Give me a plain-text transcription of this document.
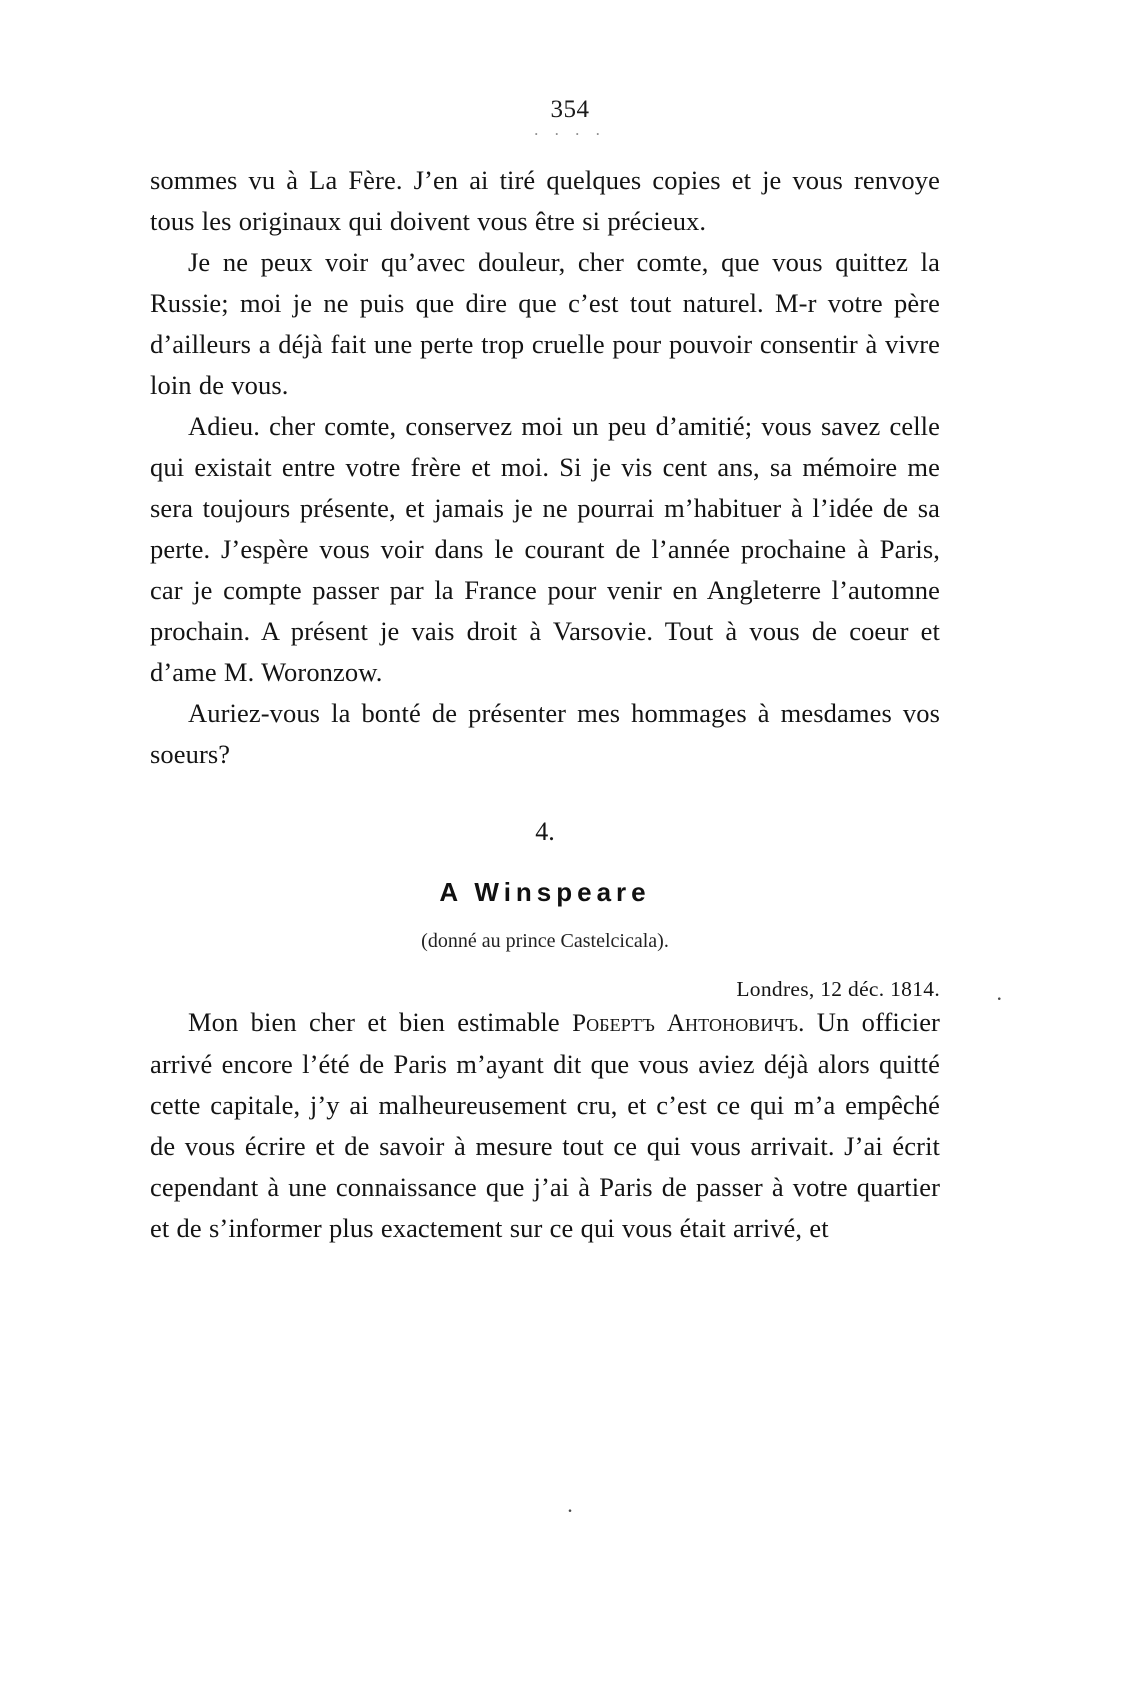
354
. . . .

sommes vu à La Fère. J’en ai tiré quelques copies et je vous renvoye tous les originaux qui doivent vous être si précieux.

Je ne peux voir qu’avec douleur, cher comte, que vous quittez la Russie; moi je ne puis que dire que c’est tout naturel. M-r votre père d’ailleurs a déjà fait une perte trop cruelle pour pouvoir consentir à vivre loin de vous.

Adieu. cher comte, conservez moi un peu d’amitié; vous savez celle qui existait entre votre frère et moi. Si je vis cent ans, sa mémoire me sera toujours présente, et jamais je ne pourrai m’habituer à l’idée de sa perte. J’espère vous voir dans le courant de l’année prochaine à Paris, car je compte passer par la France pour venir en Angleterre l’automne prochain. A présent je vais droit à Varsovie. Tout à vous de coeur et d’ame M. Woronzow.

Auriez-vous la bonté de présenter mes hommages à mesdames vos soeurs?

4.
A Winspeare
(donné au prince Castelcicala).
Londres, 12 déc. 1814.

Mon bien cher et bien estimable Робертъ Антоновичъ. Un officier arrivé encore l’été de Paris m’ayant dit que vous aviez déjà alors quitté cette capitale, j’y ai malheureusement cru, et c’est ce qui m’a empêché de vous écrire et de savoir à mesure tout ce qui vous arrivait. J’ai écrit cependant à une connaissance que j’ai à Paris de passer à votre quartier et de s’informer plus exactement sur ce qui vous était arrivé, et

.
.
